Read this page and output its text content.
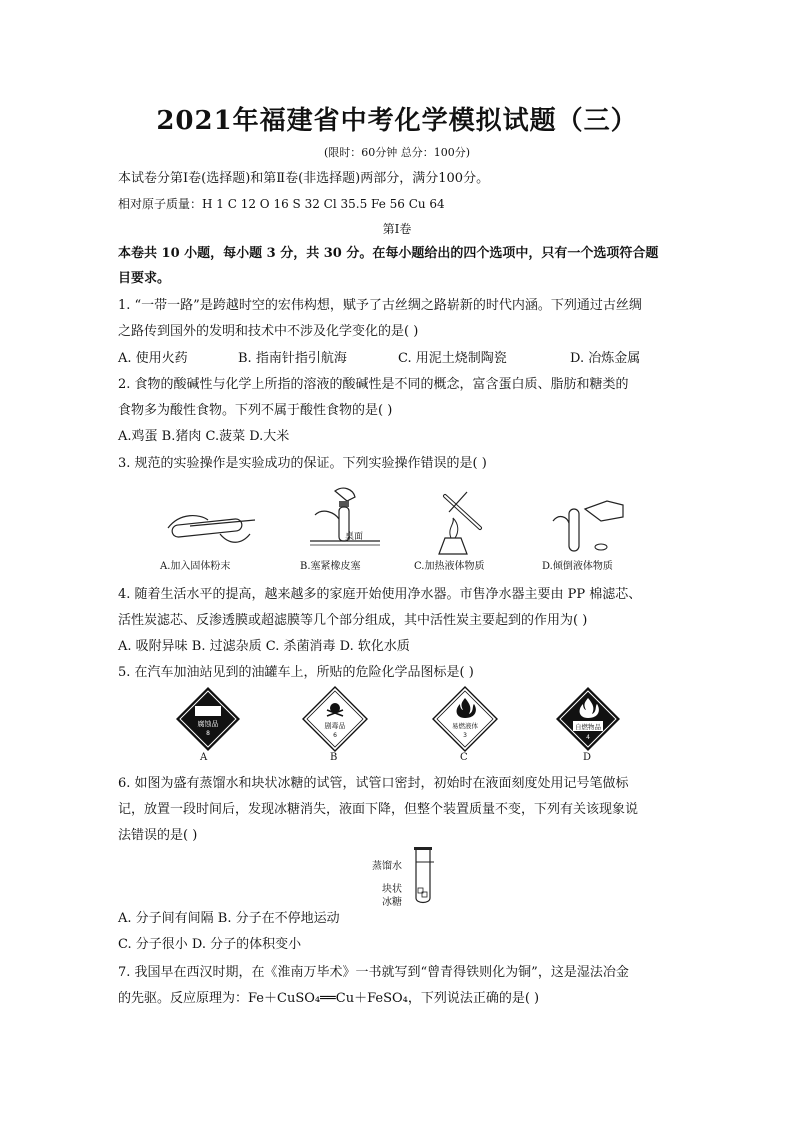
2021年福建省中考化学模拟试题（三）
(限时：60分钟 总分：100分)
本试卷分第Ⅰ卷(选择题)和第Ⅱ卷(非选择题)两部分，满分100分。
相对原子质量：H 1 C 12 O 16 S 32 Cl 35.5 Fe 56 Cu 64
第Ⅰ卷
本卷共 10 小题，每小题 3 分，共 30 分。在每小题给出的四个选项中，只有一个选项符合题
目要求。
1. “一带一路”是跨越时空的宏伟构想，赋予了古丝绸之路崭新的时代内涵。下列通过古丝绸
之路传到国外的发明和技术中不涉及化学变化的是( )
A. 使用火药	B. 指南针指引航海	C. 用泥土烧制陶瓷	D. 冶炼金属
2. 食物的酸碱性与化学上所指的溶液的酸碱性是不同的概念，富含蛋白质、脂肪和糖类的
食物多为酸性食物。下列不属于酸性食物的是( )
A.鸡蛋 B.猪肉 C.菠菜 D.大米
3. 规范的实验操作是实验成功的保证。下列实验操作错误的是( )
A.加入固体粉末
桌面
B.塞紧橡皮塞	C.加热液体物质	D.倾倒液体物质
4. 随着生活水平的提高，越来越多的家庭开始使用净水器。市售净水器主要由 PP 棉滤芯、
活性炭滤芯、反渗透膜或超滤膜等几个部分组成，其中活性炭主要起到的作用为( )
A. 吸附异味 B. 过滤杂质 C. 杀菌消毒 D. 软化水质
5. 在汽车加油站见到的油罐车上，所贴的危险化学品图标是( )
腐蚀品
8
A
剧毒品
6
B
易燃液体
3
C
自燃物品
4
D
6. 如图为盛有蒸馏水和块状冰糖的试管，试管口密封，初始时在液面刻度处用记号笔做标
记，放置一段时间后，发现冰糖消失，液面下降，但整个装置质量不变，下列有关该现象说
法错误的是( )
蒸馏水
块状
冰糖
A. 分子间有间隔 B. 分子在不停地运动
C. 分子很小 D. 分子的体积变小
7. 我国早在西汉时期，在《淮南万毕术》一书就写到“曾青得铁则化为铜”，这是湿法冶金
的先驱。反应原理为：Fe＋CuSO₄══Cu＋FeSO₄，下列说法正确的是( )
